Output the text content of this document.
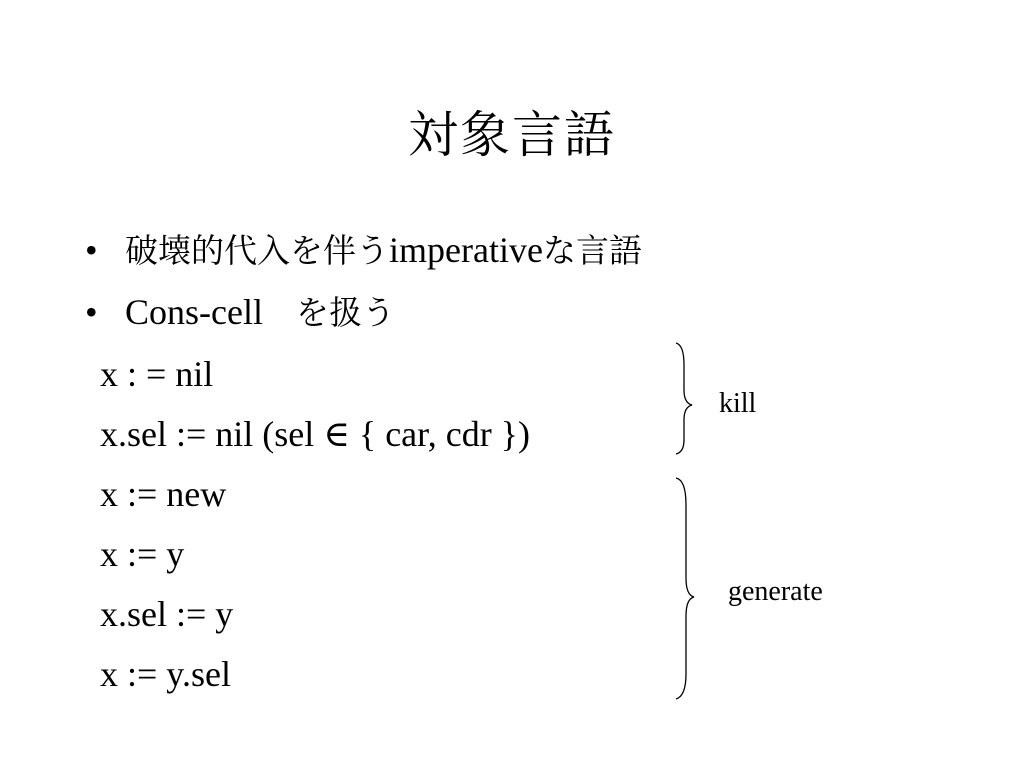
対象言語
• 破壊的代入を伴うimperativeな言語
• Cons-cell を扱う
x : = nil
x.sel := nil (sel ∈ { car, cdr })
x := new
x := y
x.sel := y
x := y.sel
kill
generate
